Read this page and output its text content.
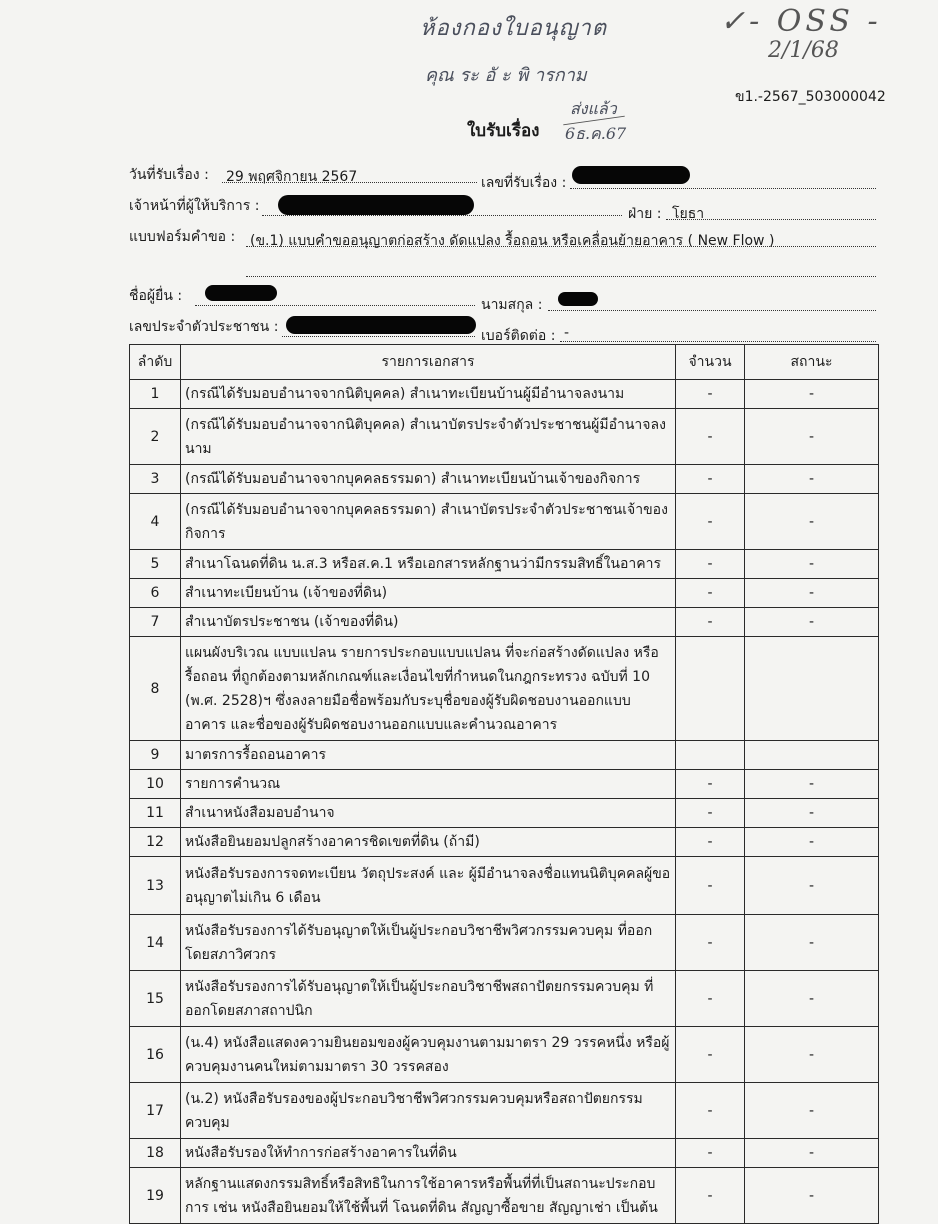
ห้องกองใบอนุญาต
คุณ ระ อั ะ พิ ารกาม
✓- OSS -
2/1/68
ส่งแล้ว
6ธ.ค.67
ข1.-2567_503000042
ใบรับเรื่อง
วันที่รับเรื่อง : 29 พฤศจิกายน 2567	เลขที่รับเรื่อง :
เจ้าหน้าที่ผู้ให้บริการ :	ฝ่าย : โยธา
แบบฟอร์มคำขอ : (ข.1) แบบคำขออนุญาตก่อสร้าง ดัดแปลง รื้อถอน หรือเคลื่อนย้ายอาคาร ( New Flow )
ชื่อผู้ยื่น :
นามสกุล :
เลขประจำตัวประชาชน :
เบอร์ติดต่อ : -
ลำดับ	รายการเอกสาร	จำนวน	สถานะ
1	(กรณีได้รับมอบอำนาจจากนิติบุคคล) สำเนาทะเบียนบ้านผู้มีอำนาจลงนาม	-	-
2	(กรณีได้รับมอบอำนาจจากนิติบุคคล) สำเนาบัตรประจำตัวประชาชนผู้มีอำนาจลงนาม	-	-
3	(กรณีได้รับมอบอำนาจจากบุคคลธรรมดา) สำเนาทะเบียนบ้านเจ้าของกิจการ	-	-
4	(กรณีได้รับมอบอำนาจจากบุคคลธรรมดา) สำเนาบัตรประจำตัวประชาชนเจ้าของกิจการ	-	-
5	สำเนาโฉนดที่ดิน น.ส.3 หรือส.ค.1 หรือเอกสารหลักฐานว่ามีกรรมสิทธิ์ในอาคาร	-	-
6	สำเนาทะเบียนบ้าน (เจ้าของที่ดิน)	-	-
7	สำเนาบัตรประชาชน (เจ้าของที่ดิน)	-	-
8	แผนผังบริเวณ แบบแปลน รายการประกอบแบบแปลน ที่จะก่อสร้างดัดแปลง หรือรื้อถอน ที่ถูกต้องตามหลักเกณฑ์และเงื่อนไขที่กำหนดในกฎกระทรวง ฉบับที่ 10 (พ.ศ. 2528)ฯ ซึ่งลงลายมือชื่อพร้อมกับระบุชื่อของผู้รับผิดชอบงานออกแบบอาคาร และชื่อของผู้รับผิดชอบงานออกแบบและคำนวณอาคาร		
9	มาตรการรื้อถอนอาคาร		
10	รายการคำนวณ	-	-
11	สำเนาหนังสือมอบอำนาจ	-	-
12	หนังสือยินยอมปลูกสร้างอาคารชิดเขตที่ดิน (ถ้ามี)	-	-
13	หนังสือรับรองการจดทะเบียน วัตถุประสงค์ และ ผู้มีอำนาจลงชื่อแทนนิติบุคคลผู้ขออนุญาตไม่เกิน 6 เดือน	-	-
14	หนังสือรับรองการได้รับอนุญาตให้เป็นผู้ประกอบวิชาชีพวิศวกรรมควบคุม ที่ออกโดยสภาวิศวกร	-	-
15	หนังสือรับรองการได้รับอนุญาตให้เป็นผู้ประกอบวิชาชีพสถาปัตยกรรมควบคุม ที่ออกโดยสภาสถาปนิก	-	-
16	(น.4) หนังสือแสดงความยินยอมของผู้ควบคุมงานตามมาตรา 29 วรรคหนึ่ง หรือผู้ควบคุมงานคนใหม่ตามมาตรา 30 วรรคสอง	-	-
17	(น.2) หนังสือรับรองของผู้ประกอบวิชาชีพวิศวกรรมควบคุมหรือสถาปัตยกรรมควบคุม	-	-
18	หนังสือรับรองให้ทำการก่อสร้างอาคารในที่ดิน	-	-
19	หลักฐานแสดงกรรมสิทธิ์หรือสิทธิในการใช้อาคารหรือพื้นที่ที่เป็นสถานะประกอบการ เช่น หนังสือยินยอมให้ใช้พื้นที่ โฉนดที่ดิน สัญญาซื้อขาย สัญญาเช่า เป็นต้น	-	-
